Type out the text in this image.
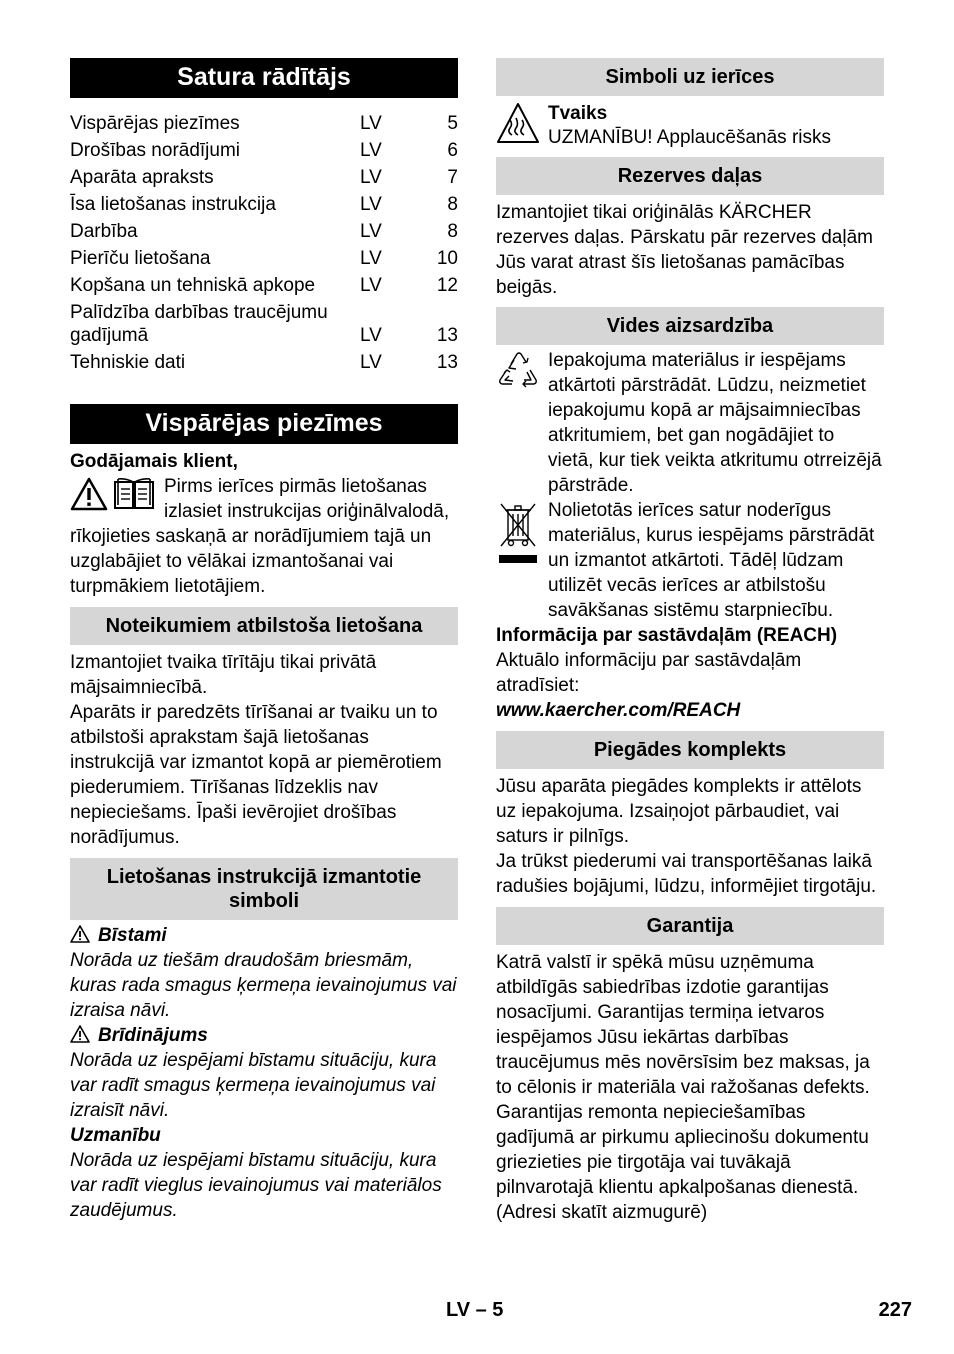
Satura rādītājs
Vispārējas piezīmes	LV	5
Drošības norādījumi	LV	6
Aparāta apraksts	LV	7
Īsa lietošanas instrukcija	LV	8
Darbība	LV	8
Pierīču lietošana	LV	10
Kopšana un tehniskā apkope	LV	12
Palīdzība darbības traucējumu gadījumā	LV	13
Tehniskie dati	LV	13
Vispārējas piezīmes

Godājamais klient,

Pirms ierīces pirmās lietošanas izlasiet instrukcijas oriģinālvalodā, rīkojieties saskaņā ar norādījumiem tajā un uzglabājiet to vēlākai izmantošanai vai turpmākiem lietotājiem.
Noteikumiem atbilstoša lietošana

Izmantojiet tvaika tīrītāju tikai privātā mājsaimniecībā.

Aparāts ir paredzēts tīrīšanai ar tvaiku un to atbilstoši aprakstam šajā lietošanas instrukcijā var izmantot kopā ar piemērotiem piederumiem. Tīrīšanas līdzeklis nav nepieciešams. Īpaši ievērojiet drošības norādījumus.

Lietošanas instrukcijā izmantotie simboli

Bīstami

Norāda uz tiešām draudošām briesmām, kuras rada smagus ķermeņa ievainojumus vai izraisa nāvi.

Brīdinājums

Norāda uz iespējami bīstamu situāciju, kura var radīt smagus ķermeņa ievainojumus vai izraisīt nāvi.

Uzmanību

Norāda uz iespējami bīstamu situāciju, kura var radīt vieglus ievainojumus vai materiālos zaudējumus.

Simboli uz ierīces

Tvaiks

UZMANĪBU! Applaucēšanās risks

Rezerves daļas

Izmantojiet tikai oriģinālās KÄRCHER rezerves daļas. Pārskatu pār rezerves daļām Jūs varat atrast šīs lietošanas pamācības beigās.

Vides aizsardzība

Iepakojuma materiālus ir iespējams atkārtoti pārstrādāt. Lūdzu, neizmetiet iepakojumu kopā ar mājsaimniecības atkritumiem, bet gan nogādājiet to vietā, kur tiek veikta atkritumu otrreizējā pārstrāde.

Nolietotās ierīces satur noderīgus materiālus, kurus iespējams pārstrādāt un izmantot atkārtoti. Tādēļ lūdzam utilizēt vecās ierīces ar atbilstošu savākšanas sistēmu starpniecību.

Informācija par sastāvdaļām (REACH)

Aktuālo informāciju par sastāvdaļām atradīsiet:

www.kaercher.com/REACH

Piegādes komplekts

Jūsu aparāta piegādes komplekts ir attēlots uz iepakojuma. Izsaiņojot pārbaudiet, vai saturs ir pilnīgs.

Ja trūkst piederumi vai transportēšanas laikā radušies bojājumi, lūdzu, informējiet tirgotāju.

Garantija

Katrā valstī ir spēkā mūsu uzņēmuma atbildīgās sabiedrības izdotie garantijas nosacījumi. Garantijas termiņa ietvaros iespējamos Jūsu iekārtas darbības traucējumus mēs novērsīsim bez maksas, ja to cēlonis ir materiāla vai ražošanas defekts. Garantijas remonta nepieciešamības gadījumā ar pirkumu apliecinošu dokumentu griezieties pie tirgotāja vai tuvākajā pilnvarotajā klientu apkalpošanas dienestā. (Adresi skatīt aizmugurē)

LV – 5	227
